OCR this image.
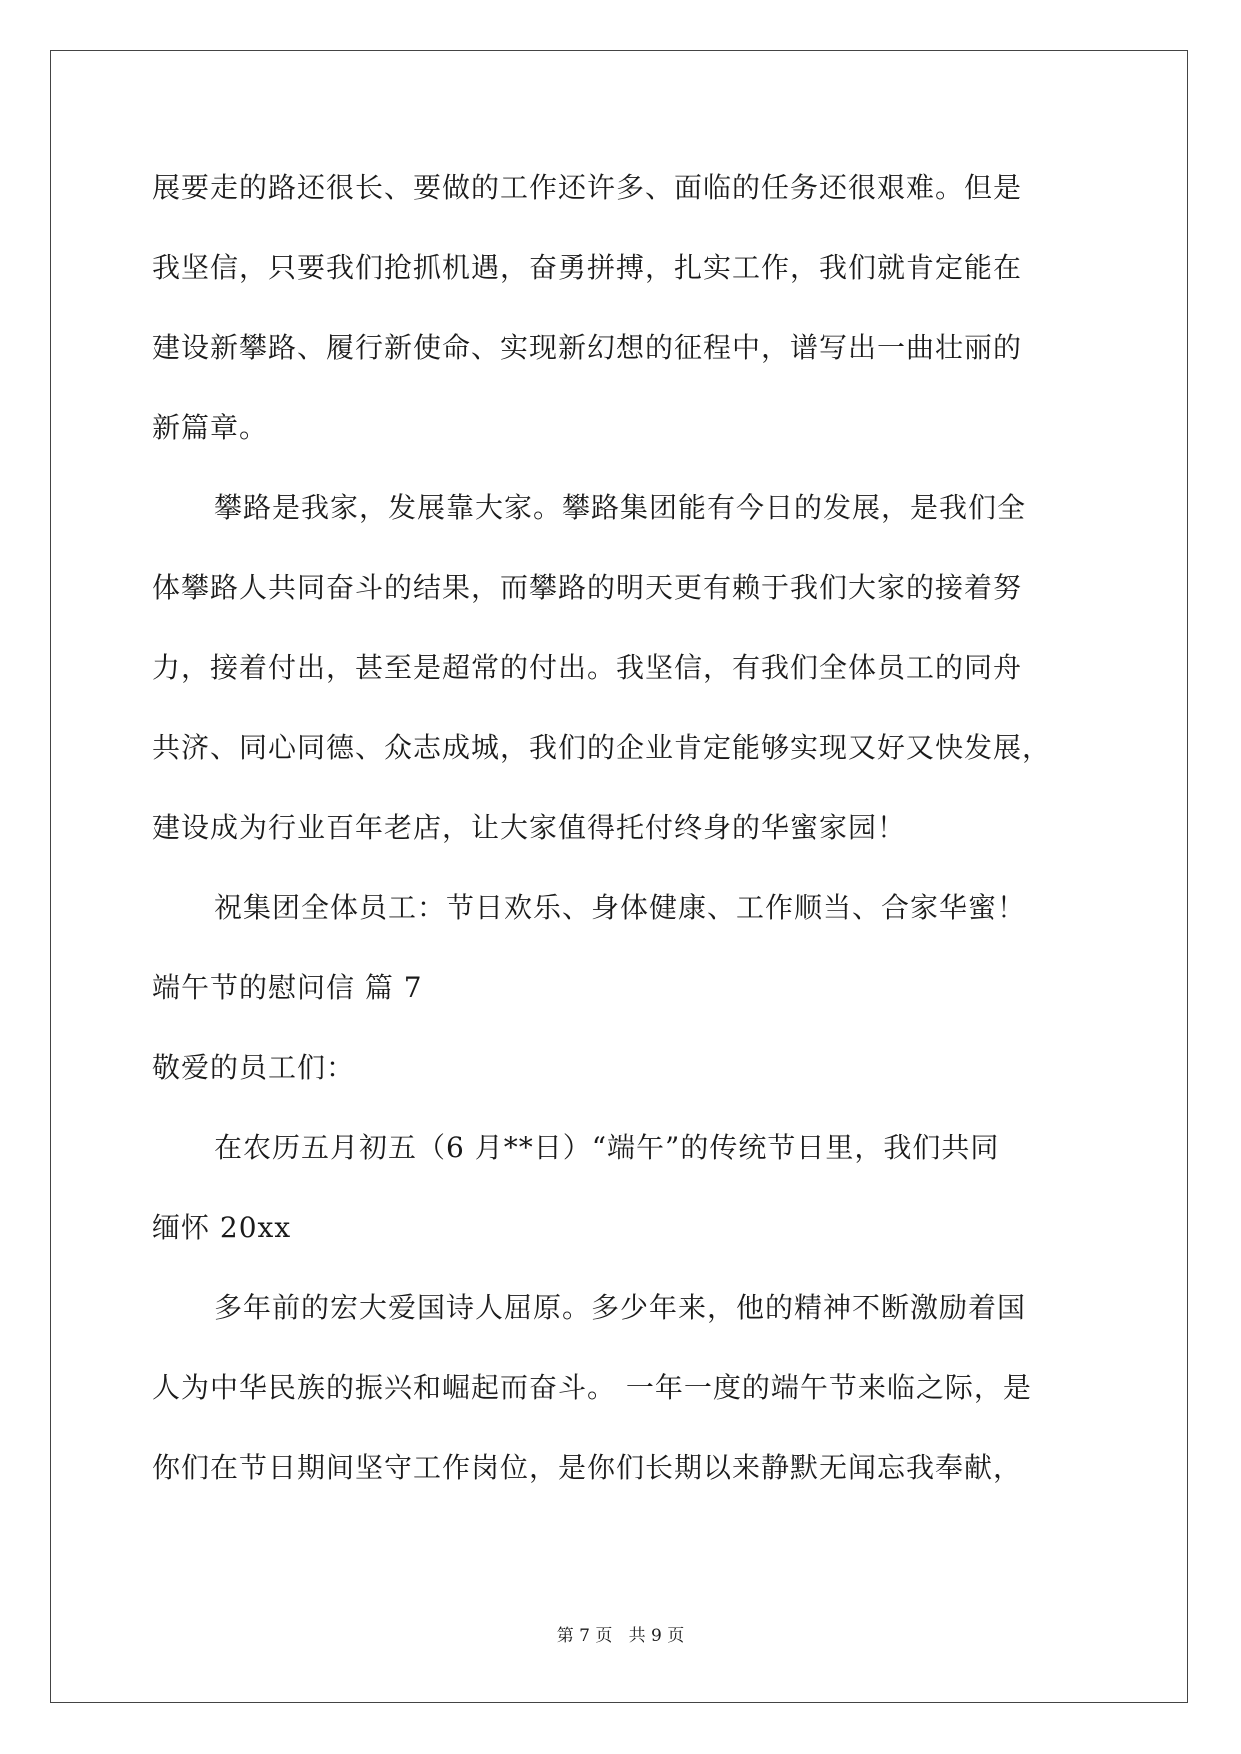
展要走的路还很长、要做的工作还许多、面临的任务还很艰难。但是
我坚信，只要我们抢抓机遇，奋勇拼搏，扎实工作，我们就肯定能在
建设新攀路、履行新使命、实现新幻想的征程中，谱写出一曲壮丽的
新篇章。
攀路是我家，发展靠大家。攀路集团能有今日的发展，是我们全
体攀路人共同奋斗的结果，而攀路的明天更有赖于我们大家的接着努
力，接着付出，甚至是超常的付出。我坚信，有我们全体员工的同舟
共济、同心同德、众志成城，我们的企业肯定能够实现又好又快发展，
建设成为行业百年老店，让大家值得托付终身的华蜜家园！
祝集团全体员工：节日欢乐、身体健康、工作顺当、合家华蜜！
端午节的慰问信 篇 7
敬爱的员工们：
在农历五月初五（6 月**日）“端午”的传统节日里，我们共同
缅怀 20xx
多年前的宏大爱国诗人屈原。多少年来，他的精神不断激励着国
人为中华民族的振兴和崛起而奋斗。 一年一度的端午节来临之际，是
你们在节日期间坚守工作岗位，是你们长期以来静默无闻忘我奉献，
第 7 页   共 9 页
